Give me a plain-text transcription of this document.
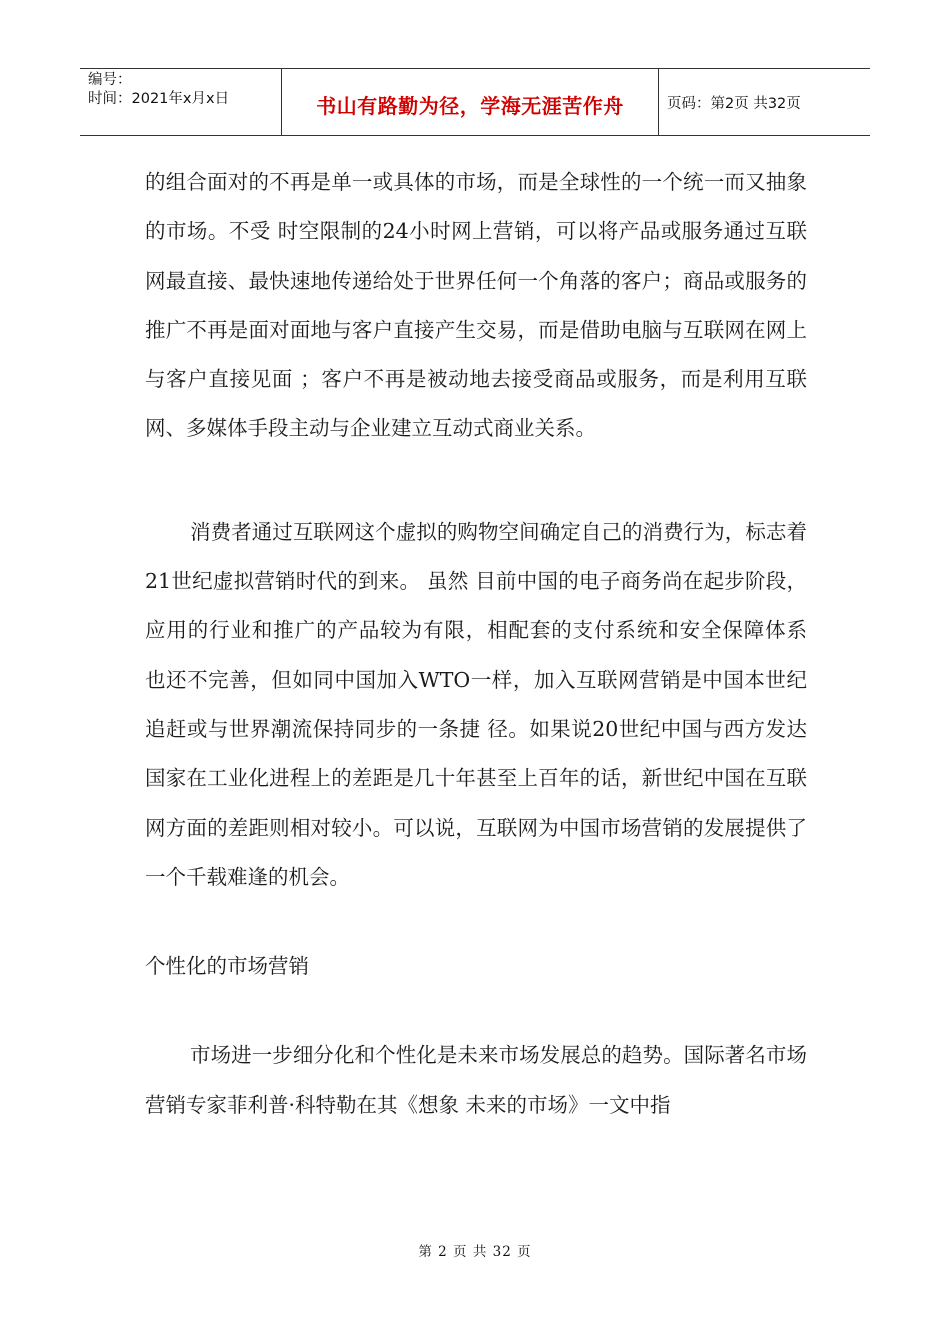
编号：
时间：2021年x月x日	书山有路勤为径，学海无涯苦作舟	页码：第2页 共32页

的组合面对的不再是单一或具体的市场，而是全球性的一个统一而又抽象的市场。不受 时空限制的24小时网上营销，可以将产品或服务通过互联网最直接、最快速地传递给处于世界任何一个角落的客户；商品或服务的推广不再是面对面地与客户直接产生交易，而是借助电脑与互联网在网上与客户直接见面 ；客户不再是被动地去接受商品或服务，而是利用互联网、多媒体手段主动与企业建立互动式商业关系。

消费者通过互联网这个虚拟的购物空间确定自己的消费行为，标志着21世纪虚拟营销时代的到来。 虽然 目前中国的电子商务尚在起步阶段，应用的行业和推广的产品较为有限，相配套的支付系统和安全保障体系 也还不完善，但如同中国加入WTO一样，加入互联网营销是中国本世纪追赶或与世界潮流保持同步的一条捷 径。如果说20世纪中国与西方发达国家在工业化进程上的差距是几十年甚至上百年的话，新世纪中国在互联 网方面的差距则相对较小。可以说，互联网为中国市场营销的发展提供了一个千载难逢的机会。

个性化的市场营销

市场进一步细分化和个性化是未来市场发展总的趋势。国际著名市场营销专家菲利普·科特勒在其《想象 未来的市场》一文中指

第 2 页 共 32 页
